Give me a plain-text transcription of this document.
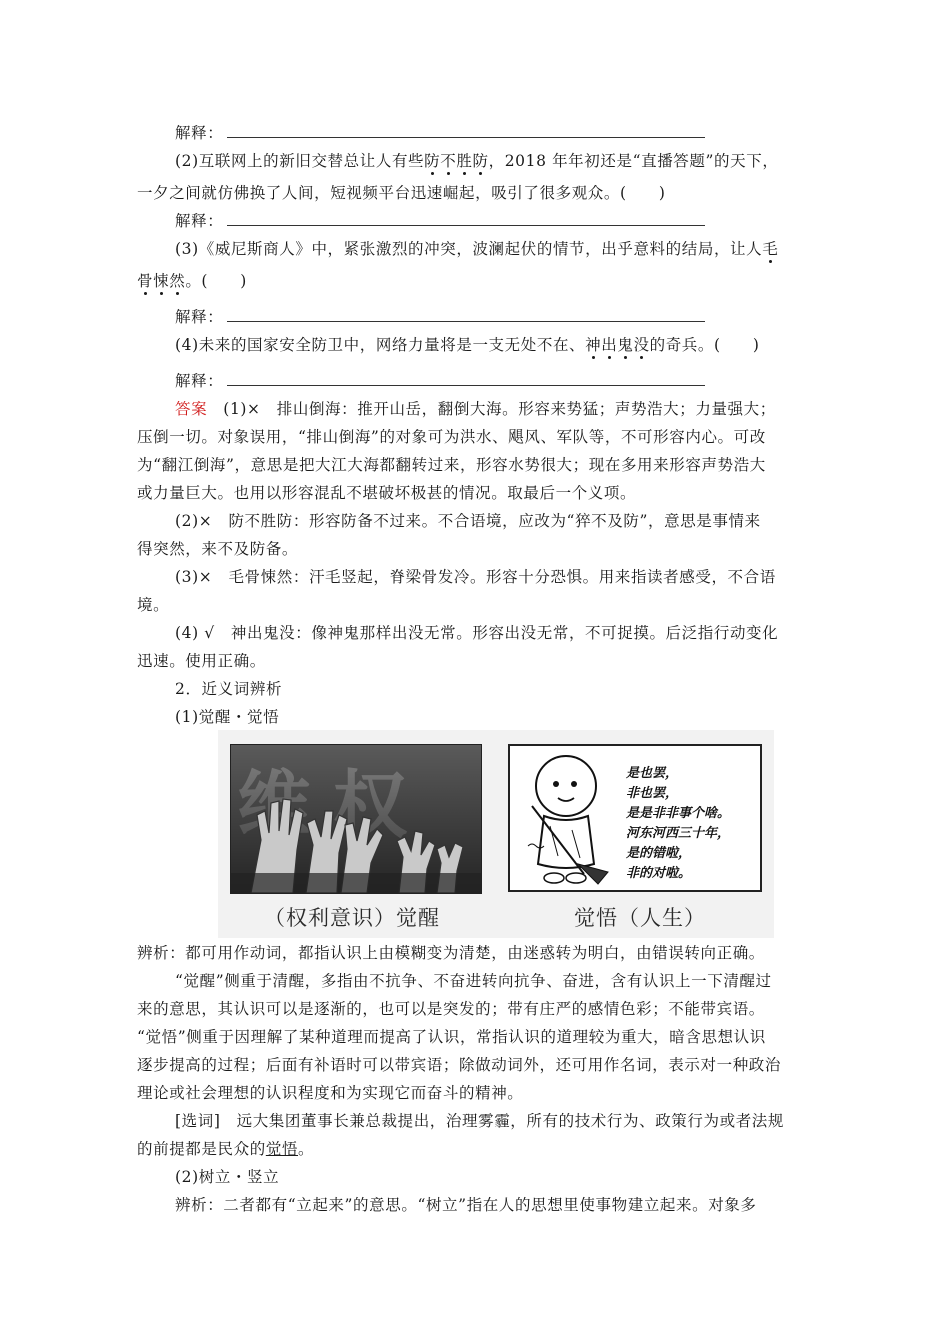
解释：
(2)互联网上的新旧交替总让人有些防不胜防，2018 年年初还是“直播答题”的天下，
一夕之间就仿佛换了人间，短视频平台迅速崛起，吸引了很多观众。(　　)
解释：
(3)《威尼斯商人》中，紧张激烈的冲突，波澜起伏的情节，出乎意料的结局，让人毛
骨悚然。(　　)
解释：
(4)未来的国家安全防卫中，网络力量将是一支无处不在、神出鬼没的奇兵。(　　)
解释：
答案　(1)×　排山倒海：推开山岳，翻倒大海。形容来势猛；声势浩大；力量强大；
压倒一切。对象误用，“排山倒海”的对象可为洪水、飓风、军队等，不可形容内心。可改
为“翻江倒海”，意思是把大江大海都翻转过来，形容水势很大；现在多用来形容声势浩大
或力量巨大。也用以形容混乱不堪破坏极甚的情况。取最后一个义项。
(2)×　防不胜防：形容防备不过来。不合语境，应改为“猝不及防”，意思是事情来
得突然，来不及防备。
(3)×　毛骨悚然：汗毛竖起，脊梁骨发冷。形容十分恐惧。用来指读者感受，不合语
境。
(4) √　神出鬼没：像神鬼那样出没无常。形容出没无常，不可捉摸。后泛指行动变化
迅速。使用正确。
2．近义词辨析
(1)觉醒・觉悟
是也罢，
非也罢，
是是非非事个啥。
河东河西三十年，
是的错啦，
非的对啦。
（权利意识）觉醒	觉悟（人生）
辨析：都可用作动词，都指认识上由模糊变为清楚，由迷惑转为明白，由错误转向正确。
“觉醒”侧重于清醒，多指由不抗争、不奋进转向抗争、奋进，含有认识上一下清醒过
来的意思，其认识可以是逐渐的，也可以是突发的；带有庄严的感情色彩；不能带宾语。
“觉悟”侧重于因理解了某种道理而提高了认识，常指认识的道理较为重大，暗含思想认识
逐步提高的过程；后面有补语时可以带宾语；除做动词外，还可用作名词，表示对一种政治
理论或社会理想的认识程度和为实现它而奋斗的精神。
[选词]　远大集团董事长兼总裁提出，治理雾霾，所有的技术行为、政策行为或者法规
的前提都是民众的觉悟。
(2)树立・竖立
辨析：二者都有“立起来”的意思。“树立”指在人的思想里使事物建立起来。对象多
